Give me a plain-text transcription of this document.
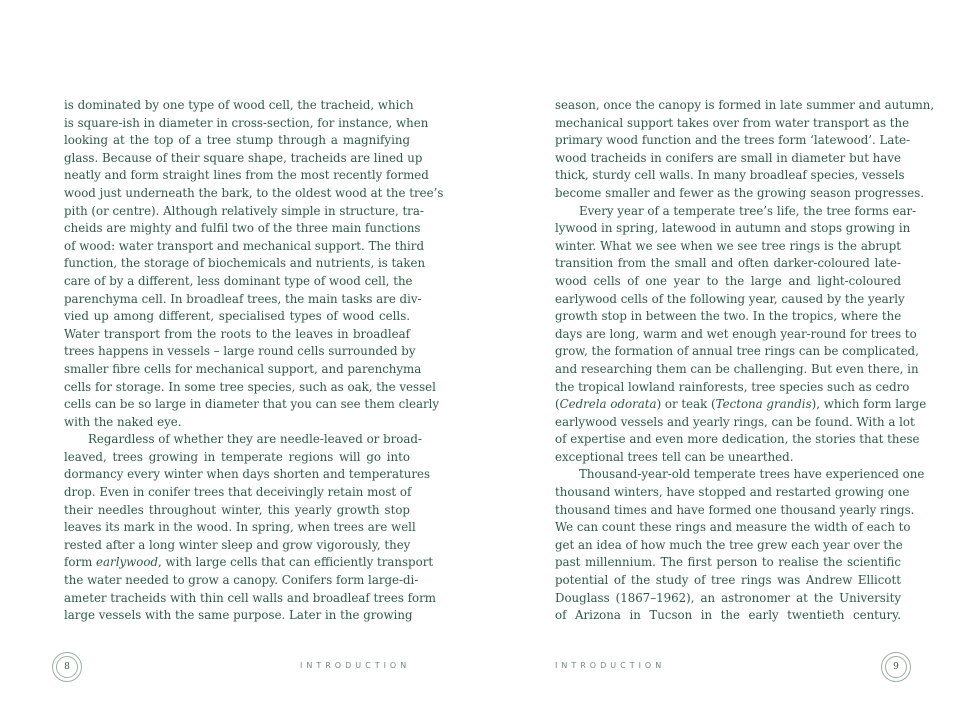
is dominated by one type of wood cell, the tracheid, which
is square-ish in diameter in cross-section, for instance, when
looking at the top of a tree stump through a magnifying
glass. Because of their square shape, tracheids are lined up
neatly and form straight lines from the most recently formed
wood just underneath the bark, to the oldest wood at the tree’s
pith (or centre). Although relatively simple in structure, tra-
cheids are mighty and fulfil two of the three main functions
of wood: water transport and mechanical support. The third
function, the storage of biochemicals and nutrients, is taken
care of by a different, less dominant type of wood cell, the
parenchyma cell. In broadleaf trees, the main tasks are div-
vied up among different, specialised types of wood cells.
Water transport from the roots to the leaves in broadleaf
trees happens in vessels – large round cells surrounded by
smaller fibre cells for mechanical support, and parenchyma
cells for storage. In some tree species, such as oak, the vessel
cells can be so large in diameter that you can see them clearly
with the naked eye.
Regardless of whether they are needle-leaved or broad-
leaved, trees growing in temperate regions will go into
dormancy every winter when days shorten and temperatures
drop. Even in conifer trees that deceivingly retain most of
their needles throughout winter, this yearly growth stop
leaves its mark in the wood. In spring, when trees are well
rested after a long winter sleep and grow vigorously, they
form earlywood, with large cells that can efficiently transport
the water needed to grow a canopy. Conifers form large-di-
ameter tracheids with thin cell walls and broadleaf trees form
large vessels with the same purpose. Later in the growing
8	INTRODUCTION
season, once the canopy is formed in late summer and autumn,
mechanical support takes over from water transport as the
primary wood function and the trees form ‘latewood’. Late-
wood tracheids in conifers are small in diameter but have
thick, sturdy cell walls. In many broadleaf species, vessels
become smaller and fewer as the growing season progresses.
Every year of a temperate tree’s life, the tree forms ear-
lywood in spring, latewood in autumn and stops growing in
winter. What we see when we see tree rings is the abrupt
transition from the small and often darker-coloured late-
wood cells of one year to the large and light-coloured
earlywood cells of the following year, caused by the yearly
growth stop in between the two. In the tropics, where the
days are long, warm and wet enough year-round for trees to
grow, the formation of annual tree rings can be complicated,
and researching them can be challenging. But even there, in
the tropical lowland rainforests, tree species such as cedro
(Cedrela odorata) or teak (Tectona grandis), which form large
earlywood vessels and yearly rings, can be found. With a lot
of expertise and even more dedication, the stories that these
exceptional trees tell can be unearthed.
Thousand-year-old temperate trees have experienced one
thousand winters, have stopped and restarted growing one
thousand times and have formed one thousand yearly rings.
We can count these rings and measure the width of each to
get an idea of how much the tree grew each year over the
past millennium. The first person to realise the scientific
potential of the study of tree rings was Andrew Ellicott
Douglass (1867–1962), an astronomer at the University
of Arizona in Tucson in the early twentieth century.
INTRODUCTION	9
